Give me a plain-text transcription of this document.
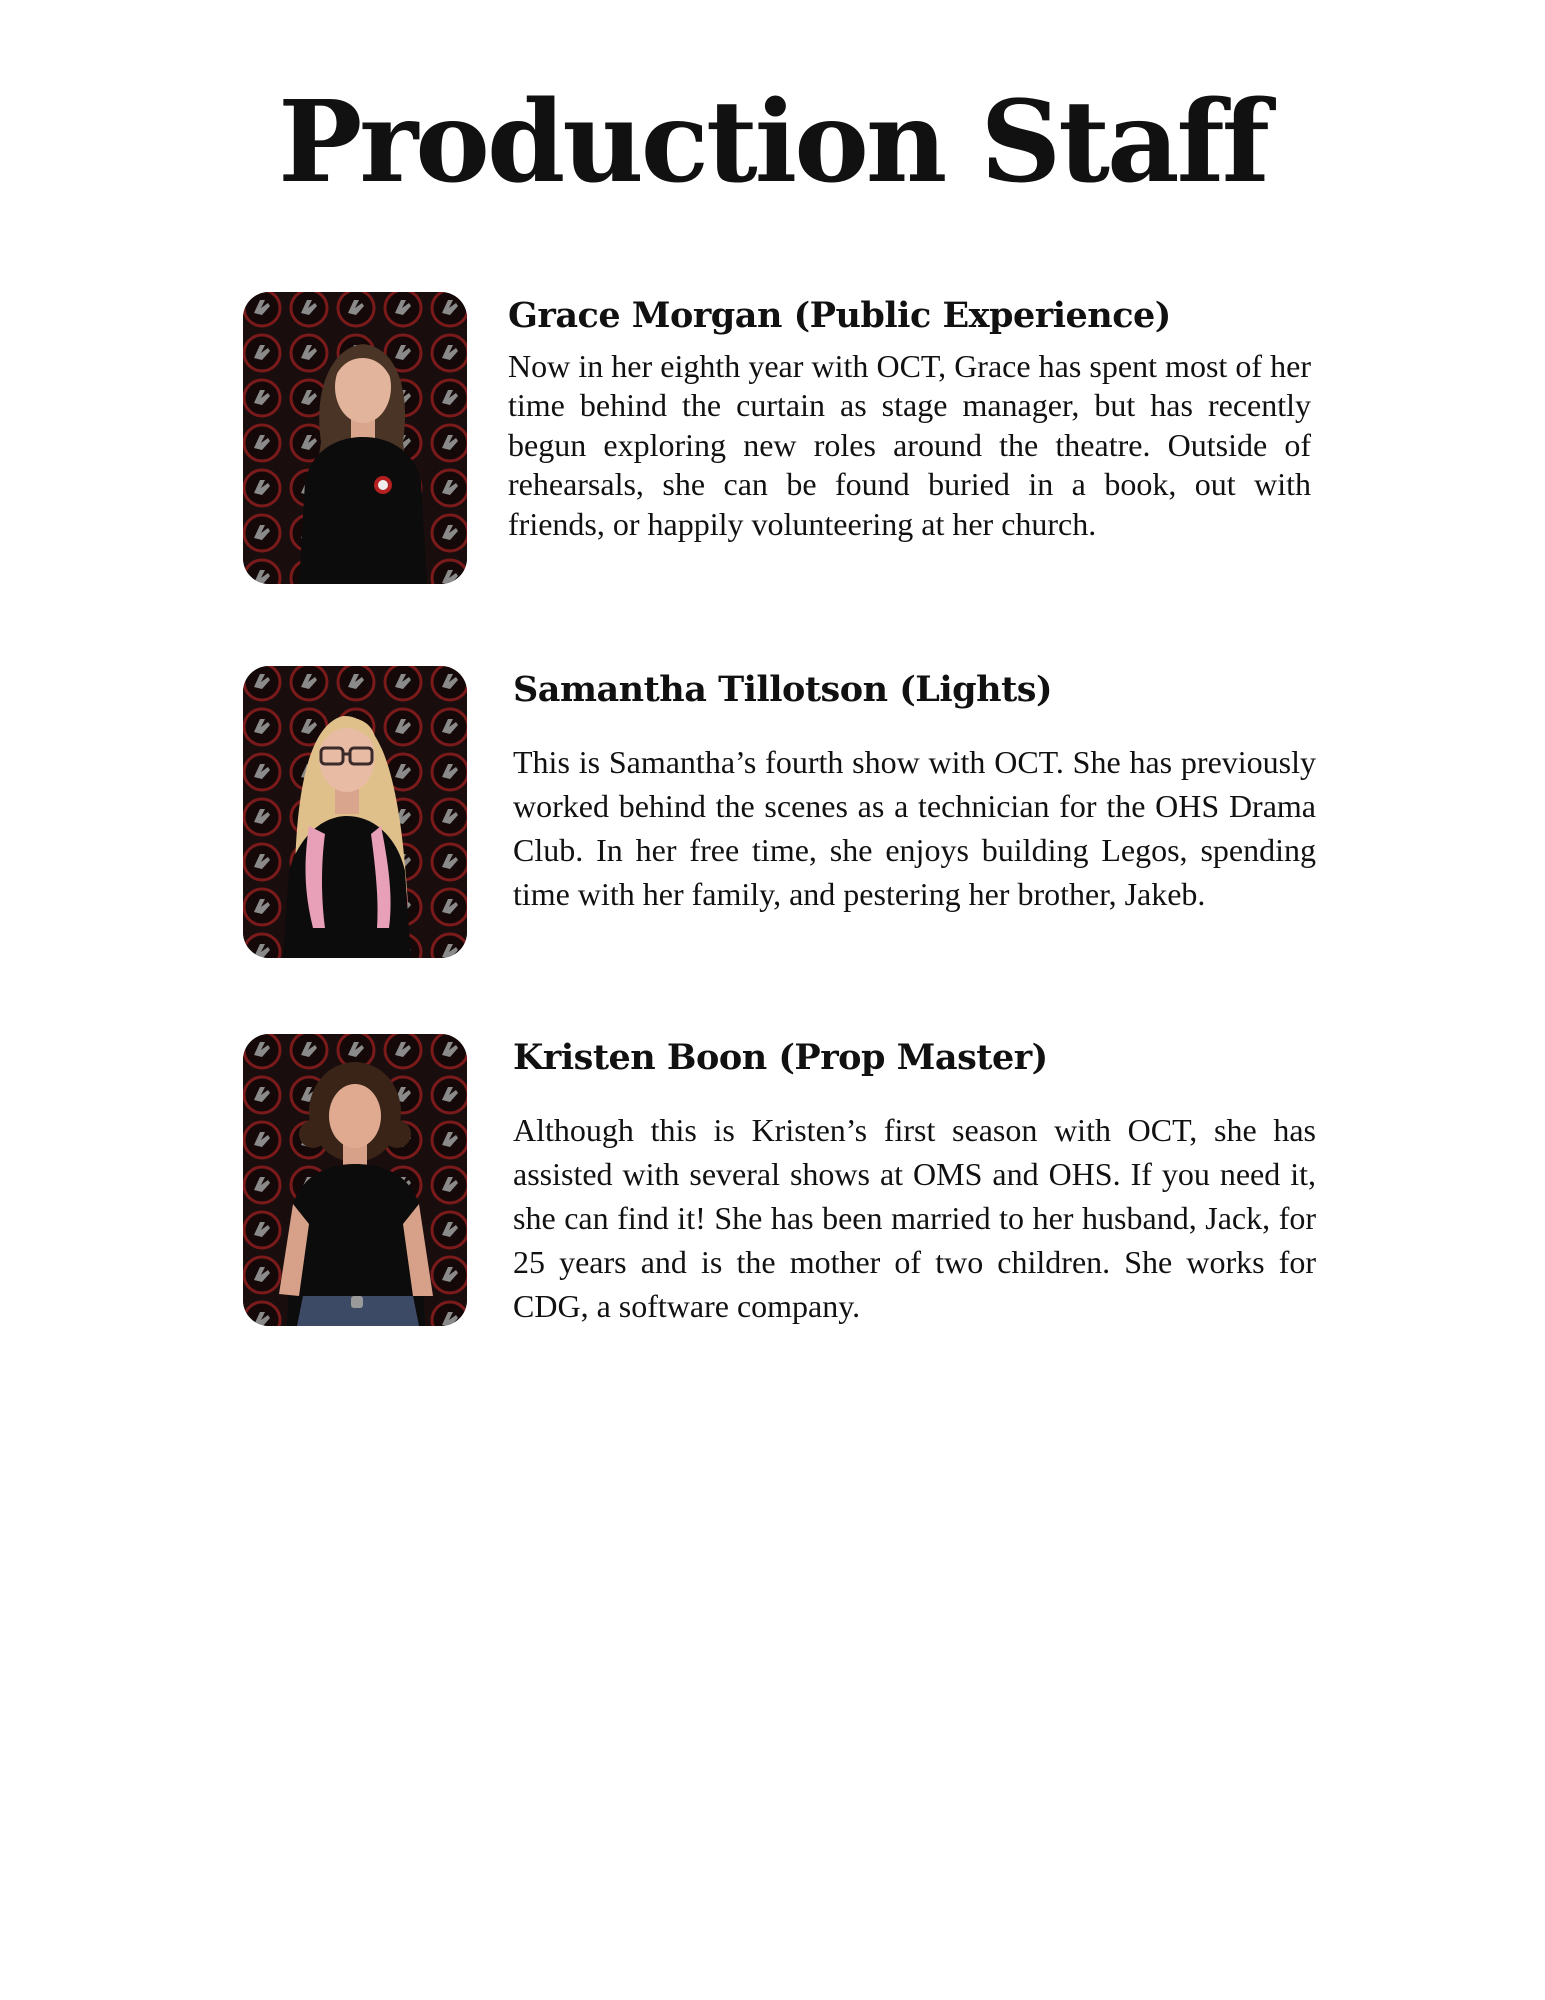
Production Staff
Grace Morgan (Public Experience)

Now in her eighth year with OCT, Grace has spent most of her time behind the curtain as stage manager, but has recently begun exploring new roles around the theatre. Outside of rehearsals, she can be found buried in a book, out with friends, or happily volunteering at her church.

Samantha Tillotson (Lights)

This is Samantha’s fourth show with OCT. She has previously worked behind the scenes as a technician for the OHS Drama Club. In her free time, she enjoys building Legos, spending time with her family, and pestering her brother, Jakeb.

Kristen Boon (Prop Master)

Although this is Kristen’s first season with OCT, she has assisted with several shows at OMS and OHS. If you need it, she can find it! She has been married to her husband, Jack, for 25 years and is the mother of two children. She works for CDG, a software company.
